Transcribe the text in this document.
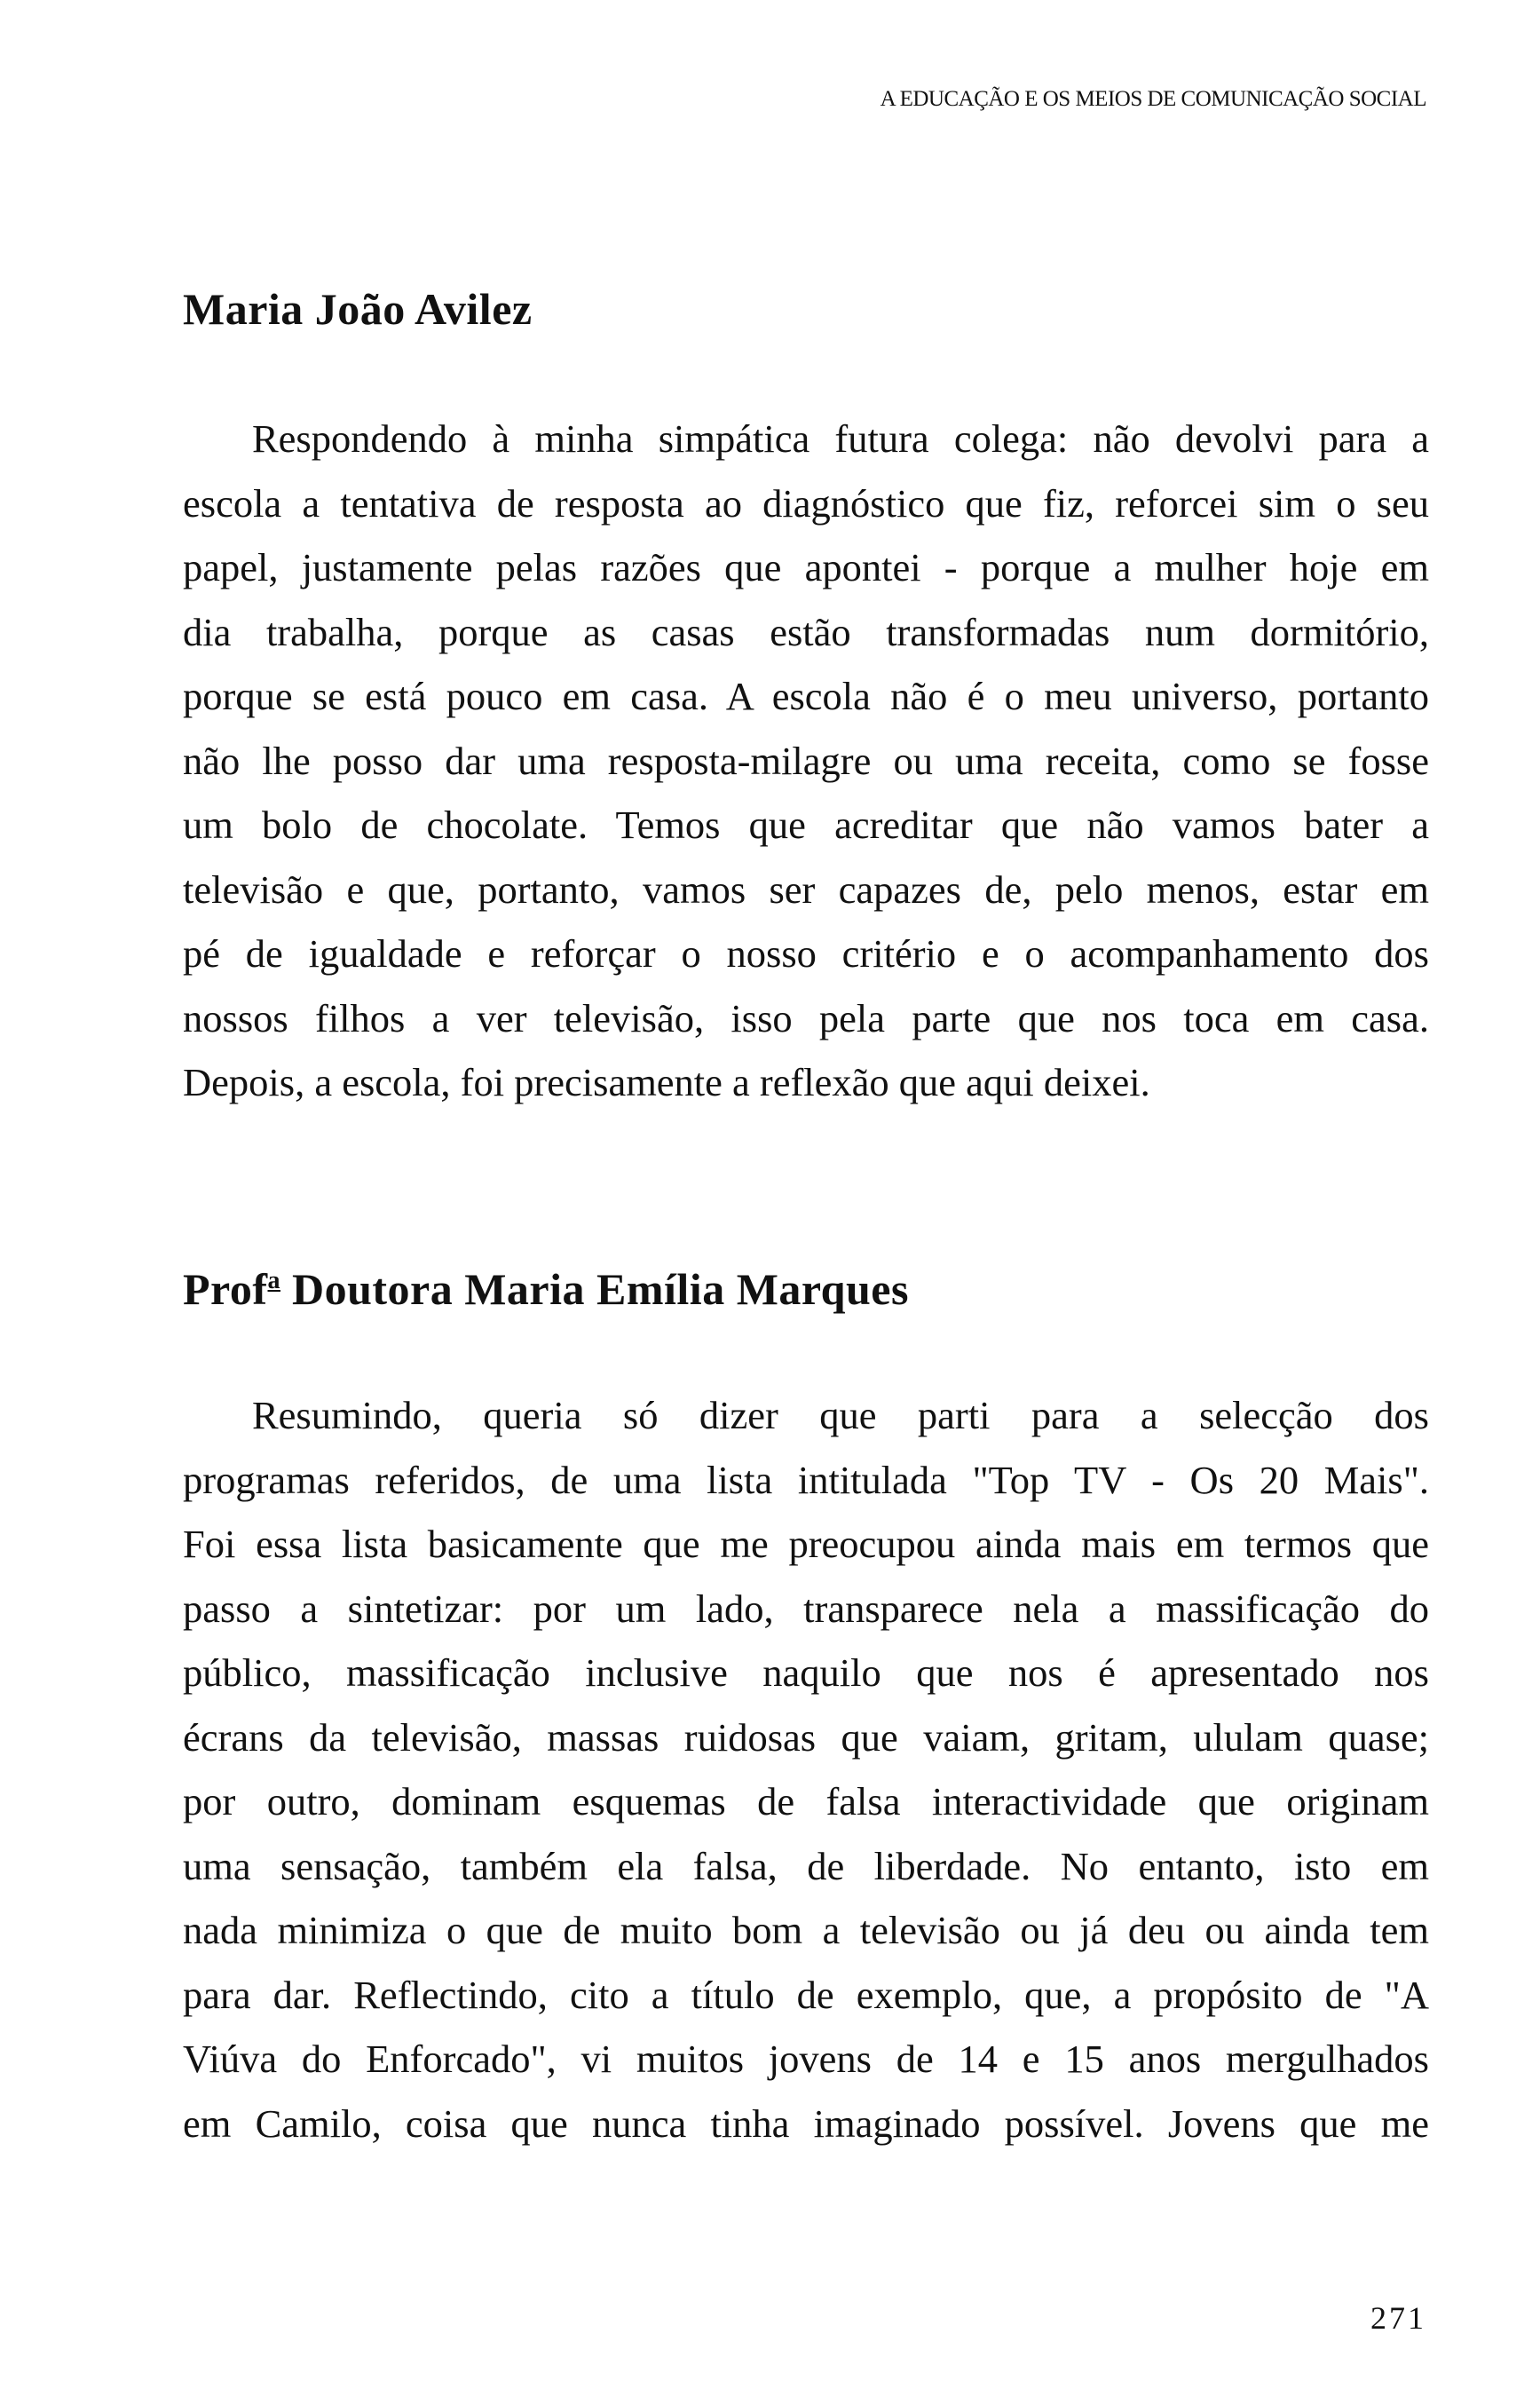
A EDUCAÇÃO E OS MEIOS DE COMUNICAÇÃO SOCIAL
Maria João Avilez

Respondendo à minha simpática futura colega: não devolvi para a
escola a tentativa de resposta ao diagnóstico que fiz, reforcei sim o seu
papel, justamente pelas razões que apontei - porque a mulher hoje em
dia trabalha, porque as casas estão transformadas num dormitório,
porque se está pouco em casa. A escola não é o meu universo, portanto
não lhe posso dar uma resposta-milagre ou uma receita, como se fosse
um bolo de chocolate. Temos que acreditar que não vamos bater a
televisão e que, portanto, vamos ser capazes de, pelo menos, estar em
pé de igualdade e reforçar o nosso critério e o acompanhamento dos
nossos filhos a ver televisão, isso pela parte que nos toca em casa.
Depois, a escola, foi precisamente a reflexão que aqui deixei.

Prof$^a$ Doutora Maria Emília Marques

Resumindo, queria só dizer que parti para a selecção dos
programas referidos, de uma lista intitulada "Top TV - Os 20 Mais".
Foi essa lista basicamente que me preocupou ainda mais em termos que
passo a sintetizar: por um lado, transparece nela a massificação do
público, massificação inclusive naquilo que nos é apresentado nos
écrans da televisão, massas ruidosas que vaiam, gritam, ululam quase;
por outro, dominam esquemas de falsa interactividade que originam
uma sensação, também ela falsa, de liberdade. No entanto, isto em
nada minimiza o que de muito bom a televisão ou já deu ou ainda tem
para dar. Reflectindo, cito a título de exemplo, que, a propósito de "A
Viúva do Enforcado", vi muitos jovens de 14 e 15 anos mergulhados
em Camilo, coisa que nunca tinha imaginado possível. Jovens que me

271
